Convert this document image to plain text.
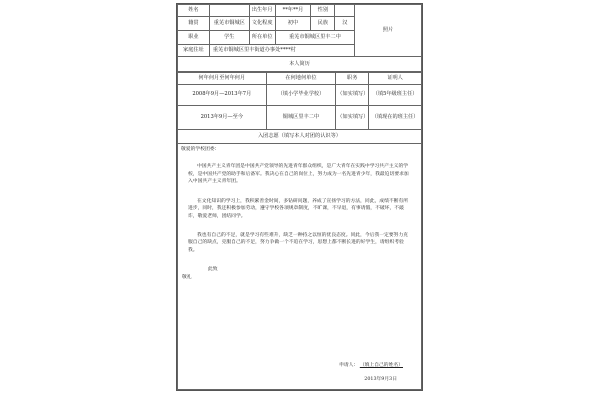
姓名		出生年月	**年**月	性别		照片
籍贯	重芜市铜城区	文化程度	初中	民族	汉	
职业	学生	所在单位	重芜市铜城区里丰二中			
家庭住址	重芜市铜城区里丰街道办事处****村					
本人简历
何年何月至何年何月	在何地何单位	职务	证明人
2008年9月—2013年7月	（填小学毕业学校）	（如实填写）	（填5年级班主任）
2013年9月—至今	铜城区里丰二中	（如实填写）	（填现在的班主任）
入团志愿（填写本人对团的认识等）
敬爱的学校团委：

中国共产主义青年团是中国共产党领导的先进青年群众组织，是广大青年在实践中学习共产主义的学校，是中国共产党的助手和后备军。我决心在自己的岗位上，努力成为一名先进青少年，我最迫切要求加入中国共产主义青年团。

在文化知识的学习上，我积累善金时间，多钻研问题，养成了宣扬学习的方法，同此，成绩不断有所进步，同时，我还积极参加劳动，遵守学校各项规章制度，不旷课，不早退，有事请假，不破坏，不敲诈，敬爱老师，团结同学。

我也有自己的不足，就是学习有些难升，缺乏一种持之以恒的优良态度。同此，今后我一定要努力克服自己的缺点，克服自己的不足，努力争做一个不追在学习，思想上都不断长进的好学生，请组织考验我。

此致
敬礼
申请人： （填上自己的姓名）
2013年9月3日
